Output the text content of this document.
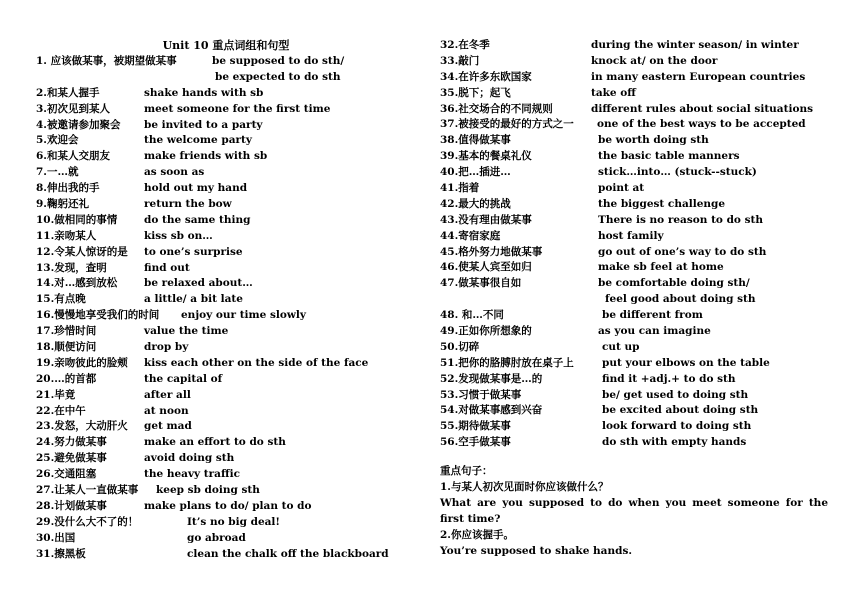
Unit 10 重点词组和句型
1. 应该做某事，被期望做某事	be supposed to do sth/
be expected to do sth
2.和某人握手	shake hands with sb
3.初次见到某人	meet someone for the first time
4.被邀请参加聚会 be invited to a party
5.欢迎会	the welcome party
6.和某人交朋友	make friends with sb
7.一…就	as soon as
8.伸出我的手	hold out my hand
9.鞠躬还礼	return the bow
10.做相同的事情	do the same thing
11.亲吻某人	kiss sb on…
12.令某人惊讶的是 to one’s surprise
13.发现，查明	find out
14.对…感到放松	be relaxed about…
15.有点晚	a little/ a bit late
16.慢慢地享受我们的时间 enjoy our time slowly
17.珍惜时间	value the time
18.顺便访问	drop by
19.亲吻彼此的脸颊 kiss each other on the side of the face
20.…的首都	the capital of
21.毕竟	after all
22.在中午	at noon
23.发怒，大动肝火 get mad
24.努力做某事	make an effort to do sth
25.避免做某事	avoid doing sth
26.交通阻塞	the heavy traffic
27.让某人一直做某事 keep sb doing sth
28.计划做某事	make plans to do/ plan to do
29.没什么大不了的！	It’s no big deal!
30.出国	go abroad
31.擦黑板	clean the chalk off the blackboard
32.在冬季	during the winter season/ in winter
33.敲门	knock at/ on the door
34.在许多东欧国家	in many eastern European countries
35.脱下；起飞	take off
36.社交场合的不同规则	different rules about social situations
37.被接受的最好的方式之一 one of the best ways to be accepted
38.值得做某事	be worth doing sth
39.基本的餐桌礼仪	the basic table manners
40.把…插进…	stick…into… (stuck--stuck)
41.指着	point at
42.最大的挑战	the biggest challenge
43.没有理由做某事	There is no reason to do sth
44.寄宿家庭	host family
45.格外努力地做某事	go out of one’s way to do sth
46.使某人宾至如归	make sb feel at home
47.做某事很自如	be comfortable doing sth/
feel good about doing sth
48. 和…不同	be different from
49.正如你所想象的	as you can imagine
50.切碎	cut up
51.把你的胳膊肘放在桌子上	put your elbows on the table
52.发现做某事是…的	find it +adj.+ to do sth
53.习惯于做某事	be/ get used to doing sth
54.对做某事感到兴奋	be excited about doing sth
55.期待做某事	look forward to doing sth
56.空手做某事	do sth with empty hands
重点句子：
1.与某人初次见面时你应该做什么？
What are you supposed to do when you meet someone for the first time?
2.你应该握手。
You’re supposed to shake hands.
